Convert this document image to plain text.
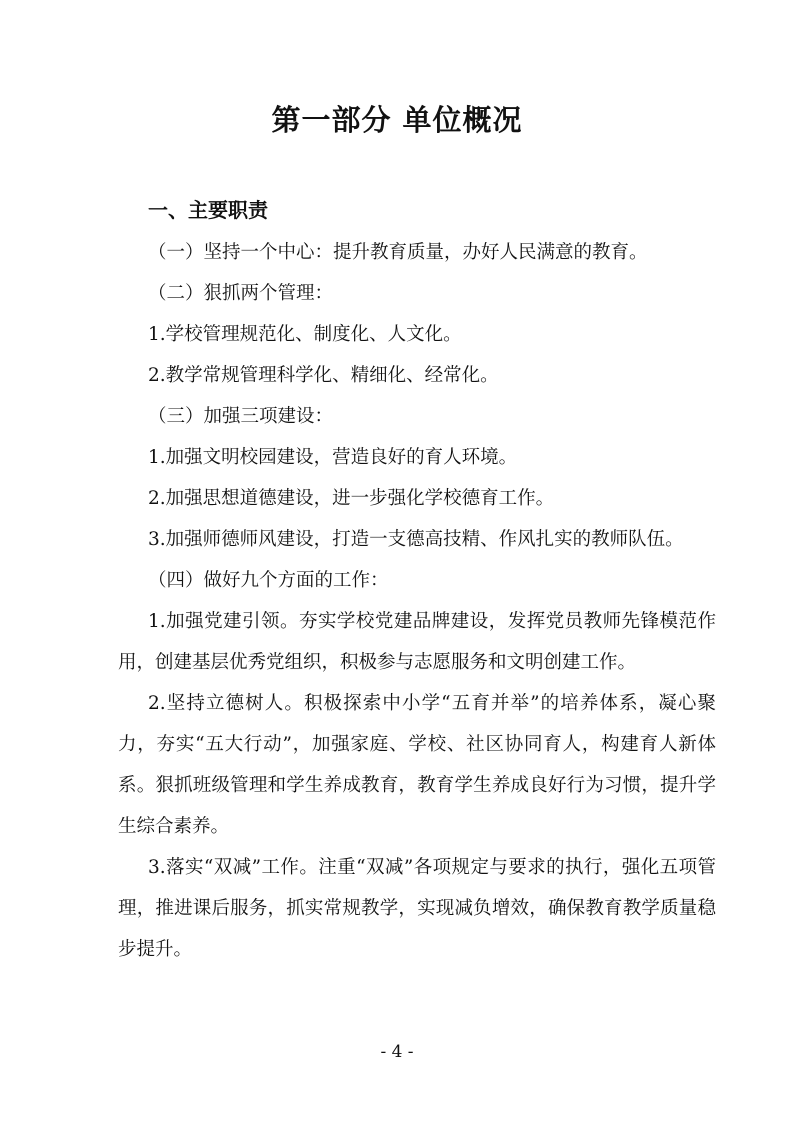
第一部分 单位概况
一、主要职责

（一）坚持一个中心：提升教育质量，办好人民满意的教育。

（二）狠抓两个管理：

1.学校管理规范化、制度化、人文化。

2.教学常规管理科学化、精细化、经常化。

（三）加强三项建设：

1.加强文明校园建设，营造良好的育人环境。

2.加强思想道德建设，进一步强化学校德育工作。

3.加强师德师风建设，打造一支德高技精、作风扎实的教师队伍。

（四）做好九个方面的工作：

1.加强党建引领。夯实学校党建品牌建设，发挥党员教师先锋模范作用，创建基层优秀党组织，积极参与志愿服务和文明创建工作。

2.坚持立德树人。积极探索中小学“五育并举”的培养体系，凝心聚力，夯实“五大行动”，加强家庭、学校、社区协同育人，构建育人新体系。狠抓班级管理和学生养成教育，教育学生养成良好行为习惯，提升学生综合素养。

3.落实“双减”工作。注重“双减”各项规定与要求的执行，强化五项管理，推进课后服务，抓实常规教学，实现减负增效，确保教育教学质量稳步提升。

- 4 -
